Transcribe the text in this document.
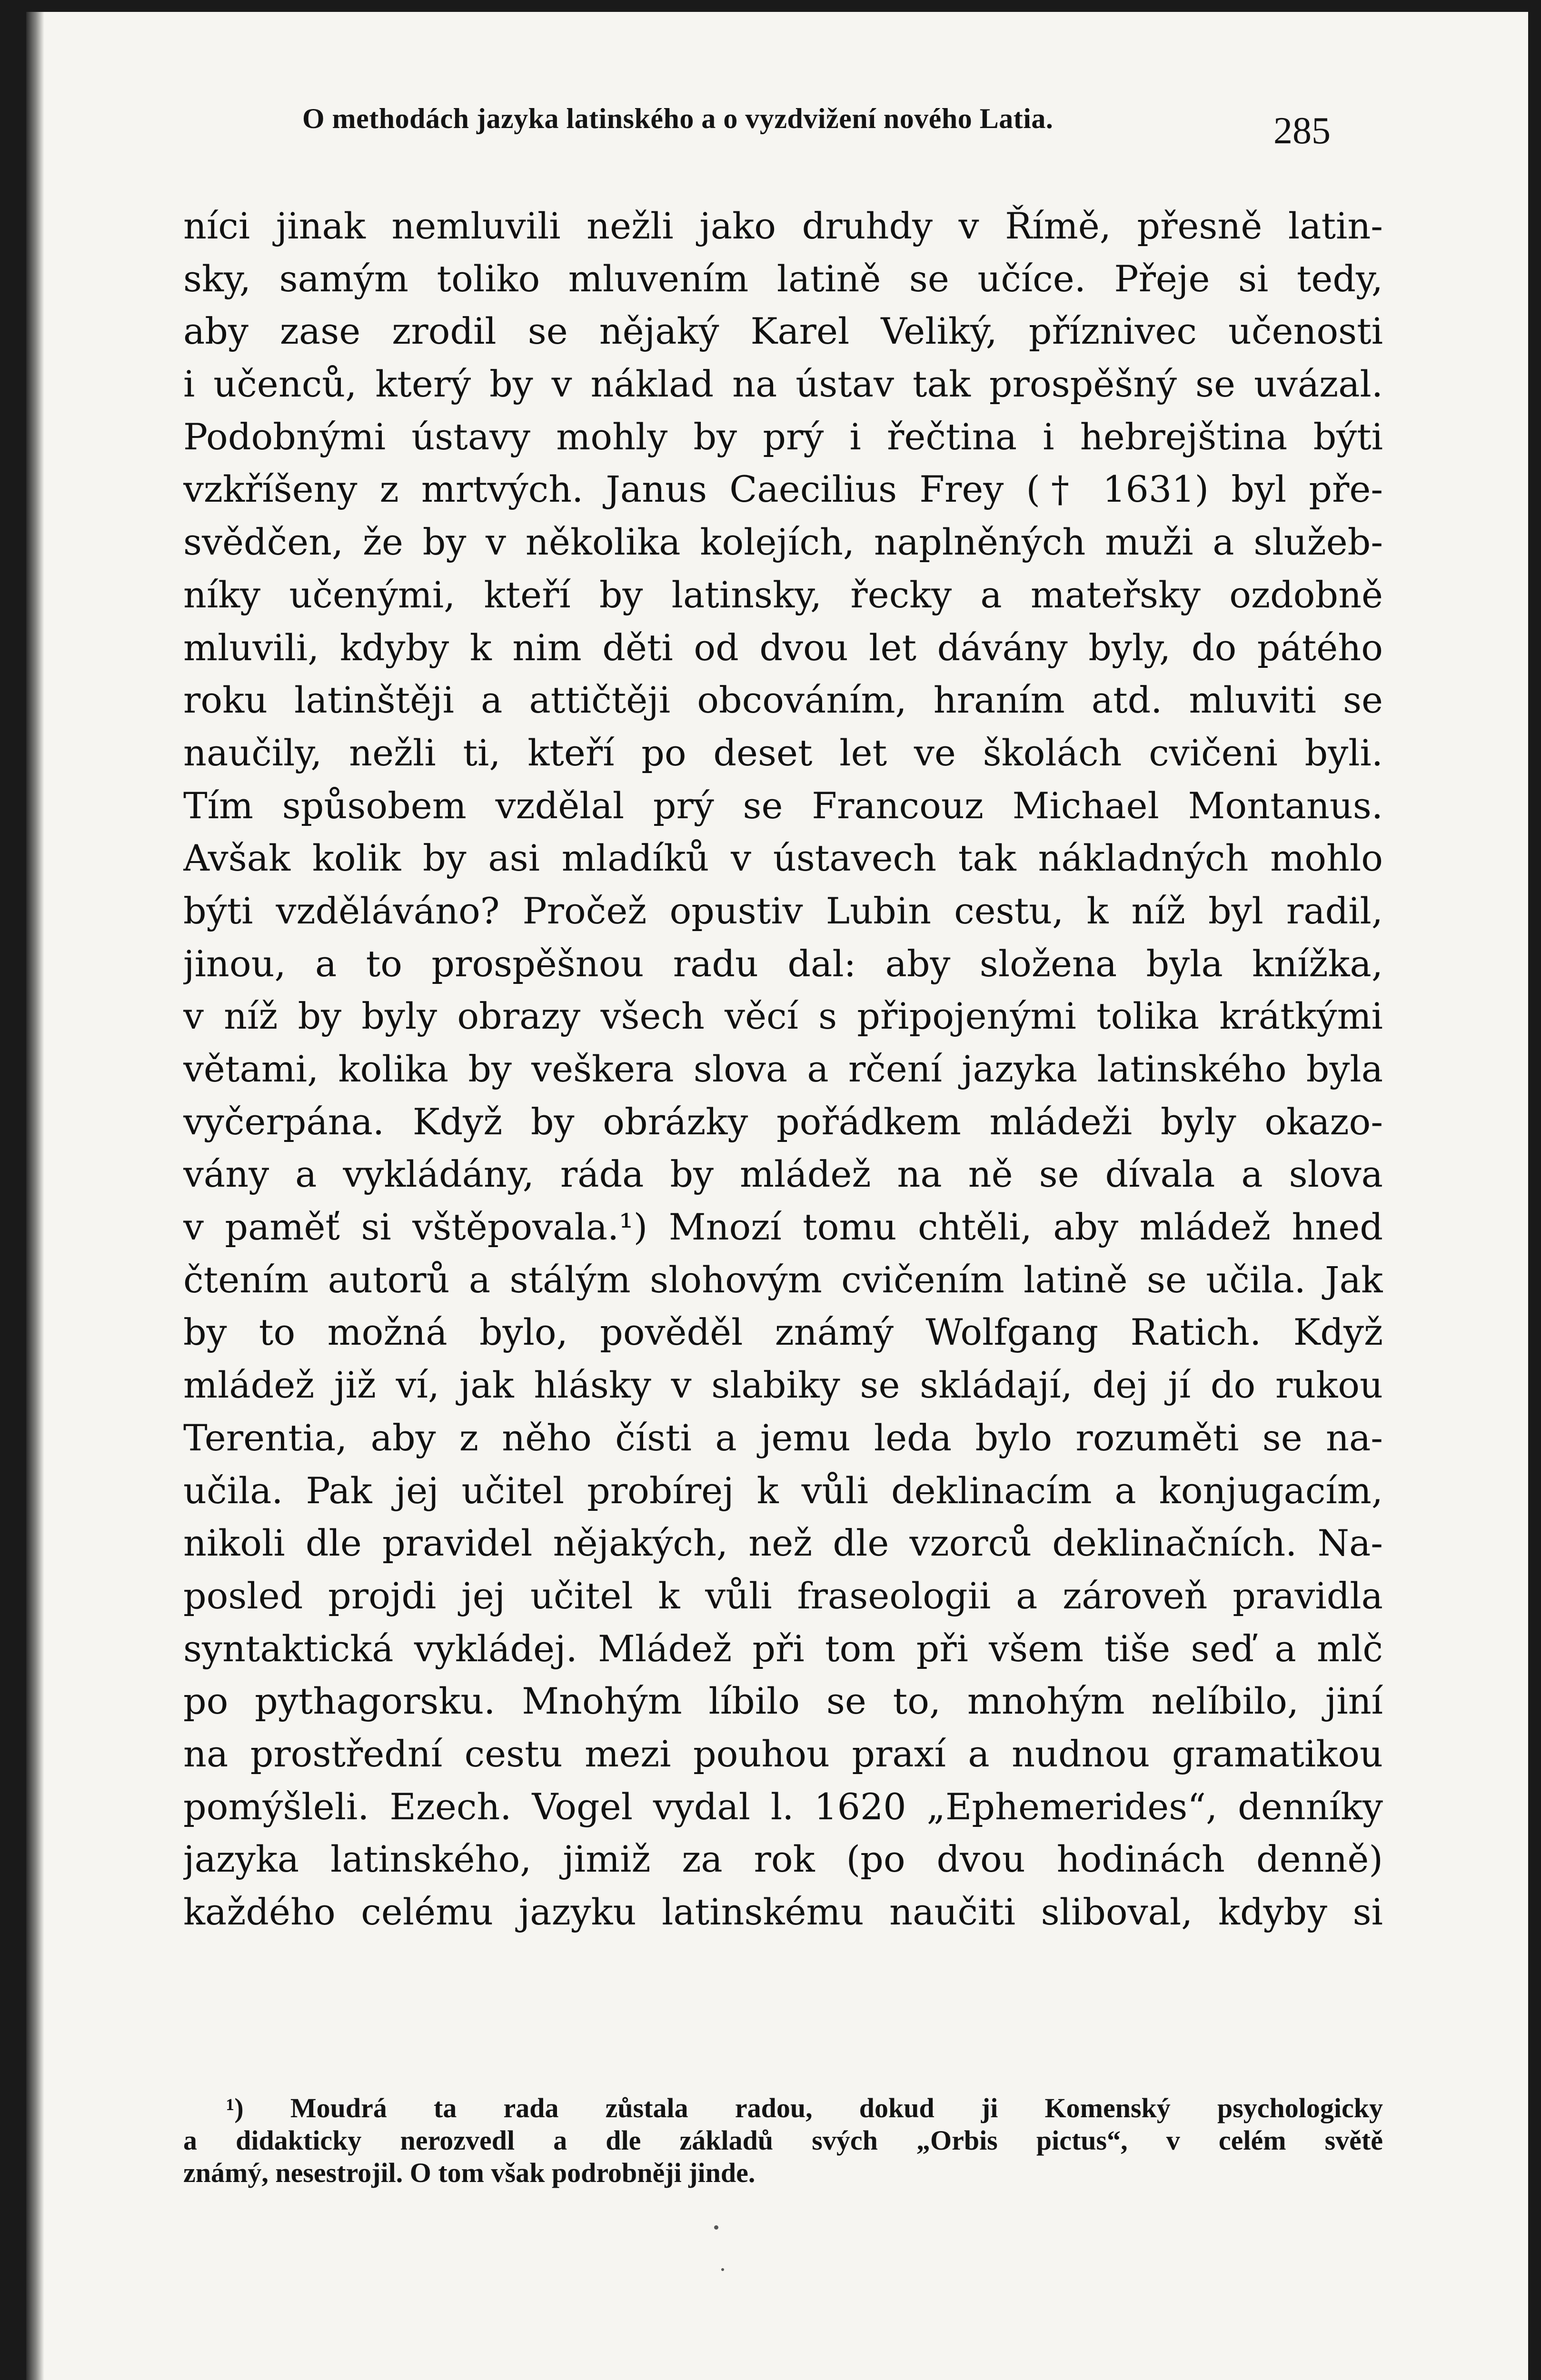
O methodách jazyka latinského a o vyzdvižení nového Latia.	285
níci jinak nemluvili nežli jako druhdy v Římě, přesně latin-
sky, samým toliko mluvením latině se učíce. Přeje si tedy,
aby zase zrodil se nějaký Karel Veliký, příznivec učenosti
i učenců, který by v náklad na ústav tak prospěšný se uvázal.
Podobnými ústavy mohly by prý i řečtina i hebrejština býti
vzkříšeny z mrtvých. Janus Caecilius Frey († 1631) byl pře-
svědčen, že by v několika kolejích, naplněných muži a služeb-
níky učenými, kteří by latinsky, řecky a mateřsky ozdobně
mluvili, kdyby k nim děti od dvou let dávány byly, do pátého
roku latinštěji a attičtěji obcováním, hraním atd. mluviti se
naučily, nežli ti, kteří po deset let ve školách cvičeni byli.
Tím spůsobem vzdělal prý se Francouz Michael Montanus.
Avšak kolik by asi mladíků v ústavech tak nákladných mohlo
býti vzděláváno? Pročež opustiv Lubin cestu, k níž byl radil,
jinou, a to prospěšnou radu dal: aby složena byla knížka,
v níž by byly obrazy všech věcí s připojenými tolika krátkými
větami, kolika by veškera slova a rčení jazyka latinského byla
vyčerpána. Když by obrázky pořádkem mládeži byly okazo-
vány a vykládány, ráda by mládež na ně se dívala a slova
v paměť si vštěpovala.¹) Mnozí tomu chtěli, aby mládež hned
čtením autorů a stálým slohovým cvičením latině se učila. Jak
by to možná bylo, pověděl známý Wolfgang Ratich. Když
mládež již ví, jak hlásky v slabiky se skládají, dej jí do rukou
Terentia, aby z něho čísti a jemu leda bylo rozuměti se na-
učila. Pak jej učitel probírej k vůli deklinacím a konjugacím,
nikoli dle pravidel nějakých, než dle vzorců deklinačních. Na-
posled projdi jej učitel k vůli fraseologii a zároveň pravidla
syntaktická vykládej. Mládež při tom při všem tiše seď a mlč
po pythagorsku. Mnohým líbilo se to, mnohým nelíbilo, jiní
na prostřední cestu mezi pouhou praxí a nudnou gramatikou
pomýšleli. Ezech. Vogel vydal l. 1620 „Ephemerides“, denníky
jazyka latinského, jimiž za rok (po dvou hodinách denně)
každého celému jazyku latinskému naučiti sliboval, kdyby si
¹) Moudrá ta rada zůstala radou, dokud ji Komenský psychologicky
a didakticky nerozvedl a dle základů svých „Orbis pictus“, v celém světě
známý, nesestrojil. O tom však podrobněji jinde.
